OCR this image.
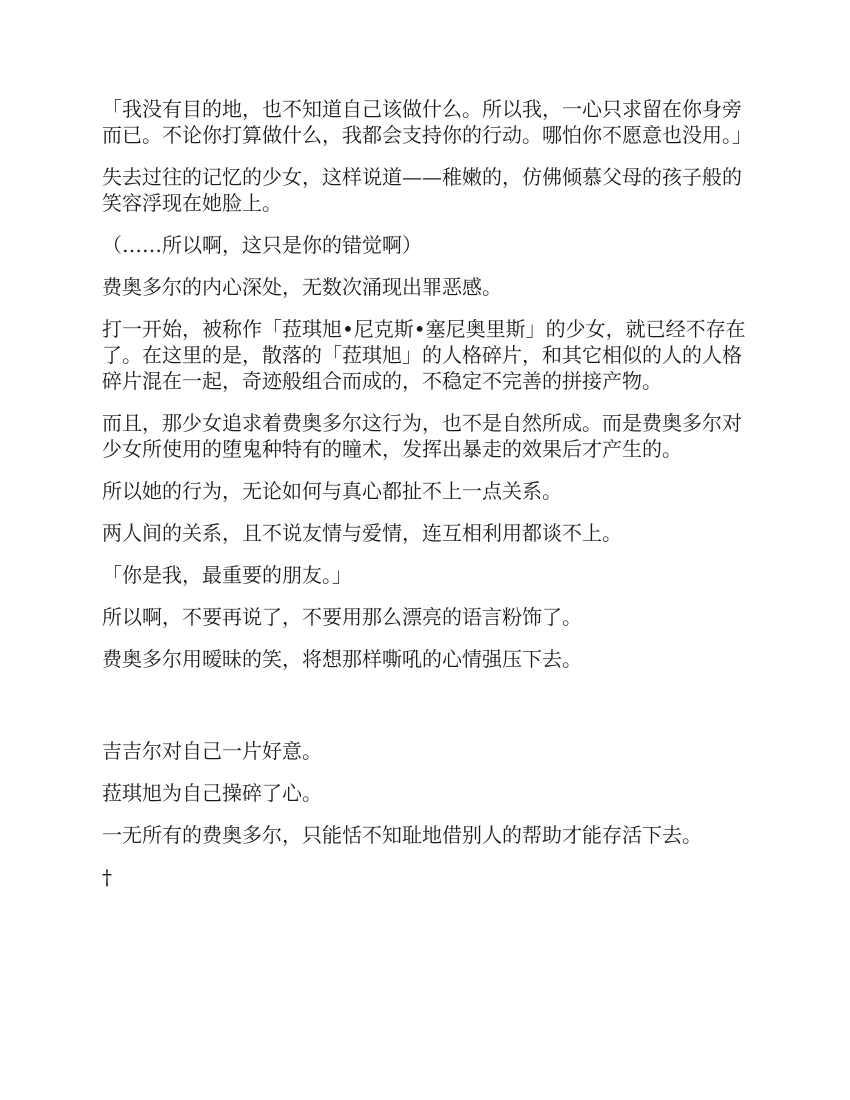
「我没有目的地，也不知道自己该做什么。所以我，一心只求留在你身旁而已。不论你打算做什么，我都会支持你的行动。哪怕你不愿意也没用。」

失去过往的记忆的少女，这样说道——稚嫩的，仿佛倾慕父母的孩子般的笑容浮现在她脸上。

（……所以啊，这只是你的错觉啊）

费奥多尔的内心深处，无数次涌现出罪恶感。

打一开始，被称作「菈琪旭•尼克斯•塞尼奥里斯」的少女，就已经不存在了。在这里的是，散落的「菈琪旭」的人格碎片，和其它相似的人的人格碎片混在一起，奇迹般组合而成的，不稳定不完善的拼接产物。

而且，那少女追求着费奥多尔这行为，也不是自然所成。而是费奥多尔对少女所使用的堕鬼种特有的瞳术，发挥出暴走的效果后才产生的。

所以她的行为，无论如何与真心都扯不上一点关系。

两人间的关系，且不说友情与爱情，连互相利用都谈不上。

「你是我，最重要的朋友。」

所以啊，不要再说了，不要用那么漂亮的语言粉饰了。

费奥多尔用暧昧的笑，将想那样嘶吼的心情强压下去。

吉吉尔对自己一片好意。

菈琪旭为自己操碎了心。

一无所有的费奥多尔，只能恬不知耻地借别人的帮助才能存活下去。

†
